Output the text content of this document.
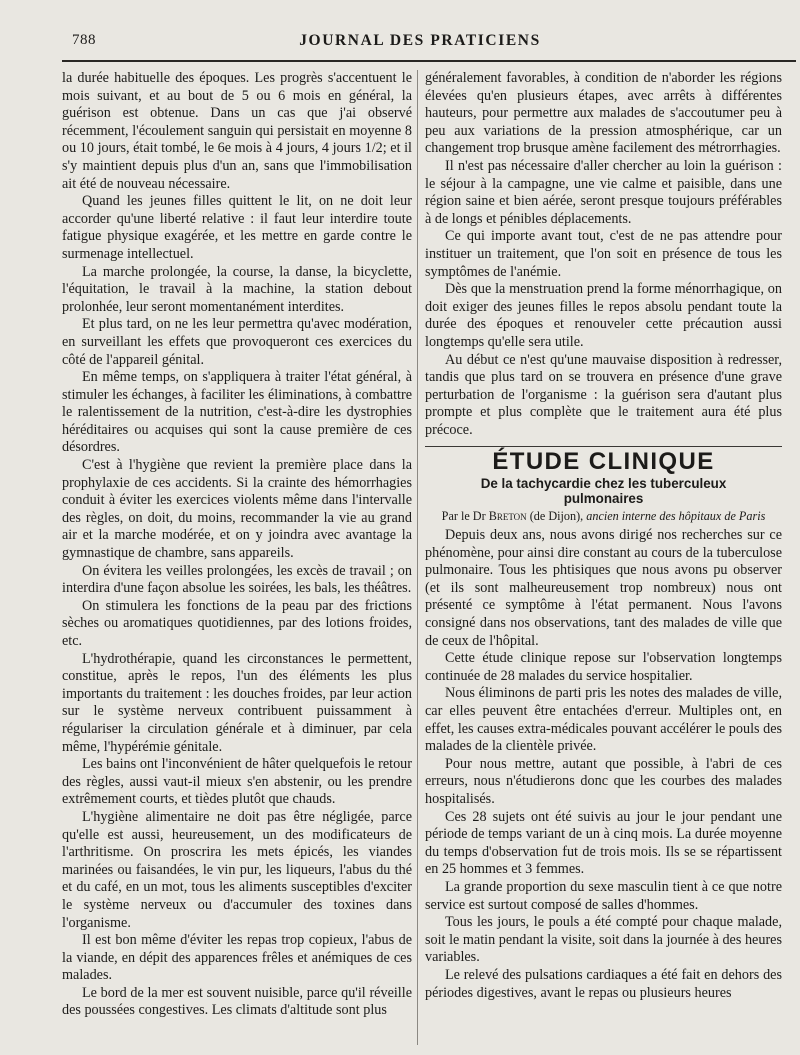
788	JOURNAL DES PRATICIENS

la durée habituelle des époques. Les progrès s'accentuent le mois suivant, et au bout de 5 ou 6 mois en général, la guérison est obtenue. Dans un cas que j'ai observé récemment, l'écoulement sanguin qui persistait en moyenne 8 ou 10 jours, était tombé, le 6e mois à 4 jours, 4 jours 1/2; et il s'y maintient depuis plus d'un an, sans que l'immobilisation ait été de nouveau nécessaire.

Quand les jeunes filles quittent le lit, on ne doit leur accorder qu'une liberté relative : il faut leur interdire toute fatigue physique exagérée, et les mettre en garde contre le surmenage intellectuel.

La marche prolongée, la course, la danse, la bicyclette, l'équitation, le travail à la machine, la station debout prolonhée, leur seront momentanément interdites.

Et plus tard, on ne les leur permettra qu'avec modération, en surveillant les effets que provoqueront ces exercices du côté de l'appareil génital.

En même temps, on s'appliquera à traiter l'état général, à stimuler les échanges, à faciliter les éliminations, à combattre le ralentissement de la nutrition, c'est-à-dire les dystrophies héréditaires ou acquises qui sont la cause première de ces désordres.

C'est à l'hygiène que revient la première place dans la prophylaxie de ces accidents. Si la crainte des hémorrhagies conduit à éviter les exercices violents même dans l'intervalle des règles, on doit, du moins, recommander la vie au grand air et la marche modérée, et on y joindra avec avantage la gymnastique de chambre, sans appareils.

On évitera les veilles prolongées, les excès de travail ; on interdira d'une façon absolue les soirées, les bals, les théâtres.

On stimulera les fonctions de la peau par des frictions sèches ou aromatiques quotidiennes, par des lotions froides, etc.

L'hydrothérapie, quand les circonstances le permettent, constitue, après le repos, l'un des éléments les plus importants du traitement : les douches froides, par leur action sur le système nerveux contribuent puissamment à régulariser la circulation générale et à diminuer, par cela même, l'hypérémie génitale.

Les bains ont l'inconvénient de hâter quelquefois le retour des règles, aussi vaut-il mieux s'en abstenir, ou les prendre extrêmement courts, et tièdes plutôt que chauds.

L'hygiène alimentaire ne doit pas être négligée, parce qu'elle est aussi, heureusement, un des modificateurs de l'arthritisme. On proscrira les mets épicés, les viandes marinées ou faisandées, le vin pur, les liqueurs, l'abus du thé et du café, en un mot, tous les aliments susceptibles d'exciter le système nerveux ou d'accumuler des toxines dans l'organisme.

Il est bon même d'éviter les repas trop copieux, l'abus de la viande, en dépit des apparences frêles et anémiques de ces malades.

Le bord de la mer est souvent nuisible, parce qu'il réveille des poussées congestives. Les climats d'altitude sont plus

généralement favorables, à condition de n'aborder les régions élevées qu'en plusieurs étapes, avec arrêts à différentes hauteurs, pour permettre aux malades de s'accoutumer peu à peu aux variations de la pression atmosphérique, car un changement trop brusque amène facilement des métrorrhagies.

Il n'est pas nécessaire d'aller chercher au loin la guérison : le séjour à la campagne, une vie calme et paisible, dans une région saine et bien aérée, seront presque toujours préférables à de longs et pénibles déplacements.

Ce qui importe avant tout, c'est de ne pas attendre pour instituer un traitement, que l'on soit en présence de tous les symptômes de l'anémie.

Dès que la menstruation prend la forme ménorrhagique, on doit exiger des jeunes filles le repos absolu pendant toute la durée des époques et renouveler cette précaution aussi longtemps qu'elle sera utile.

Au début ce n'est qu'une mauvaise disposition à redresser, tandis que plus tard on se trouvera en présence d'une grave perturbation de l'organisme : la guérison sera d'autant plus prompte et plus complète que le traitement aura été plus précoce.

ÉTUDE CLINIQUE
De la tachycardie chez les tuberculeux
pulmonaires
Par le Dr Breton (de Dijon), ancien interne des hôpitaux de Paris

Depuis deux ans, nous avons dirigé nos recherches sur ce phénomène, pour ainsi dire constant au cours de la tuberculose pulmonaire. Tous les phtisiques que nous avons pu observer (et ils sont malheureusement trop nombreux) nous ont présenté ce symptôme à l'état permanent. Nous l'avons consigné dans nos observations, tant des malades de ville que de ceux de l'hôpital.

Cette étude clinique repose sur l'observation longtemps continuée de 28 malades du service hospitalier.

Nous éliminons de parti pris les notes des malades de ville, car elles peuvent être entachées d'erreur. Multiples ont, en effet, les causes extra-médicales pouvant accélérer le pouls des malades de la clientèle privée.

Pour nous mettre, autant que possible, à l'abri de ces erreurs, nous n'étudierons donc que les courbes des malades hospitalisés.

Ces 28 sujets ont été suivis au jour le jour pendant une période de temps variant de un à cinq mois. La durée moyenne du temps d'observation fut de trois mois. Ils se se répartissent en 25 hommes et 3 femmes.

La grande proportion du sexe masculin tient à ce que notre service est surtout composé de salles d'hommes.

Tous les jours, le pouls a été compté pour chaque malade, soit le matin pendant la visite, soit dans la journée à des heures variables.

Le relevé des pulsations cardiaques a été fait en dehors des périodes digestives, avant le repas ou plusieurs heures
